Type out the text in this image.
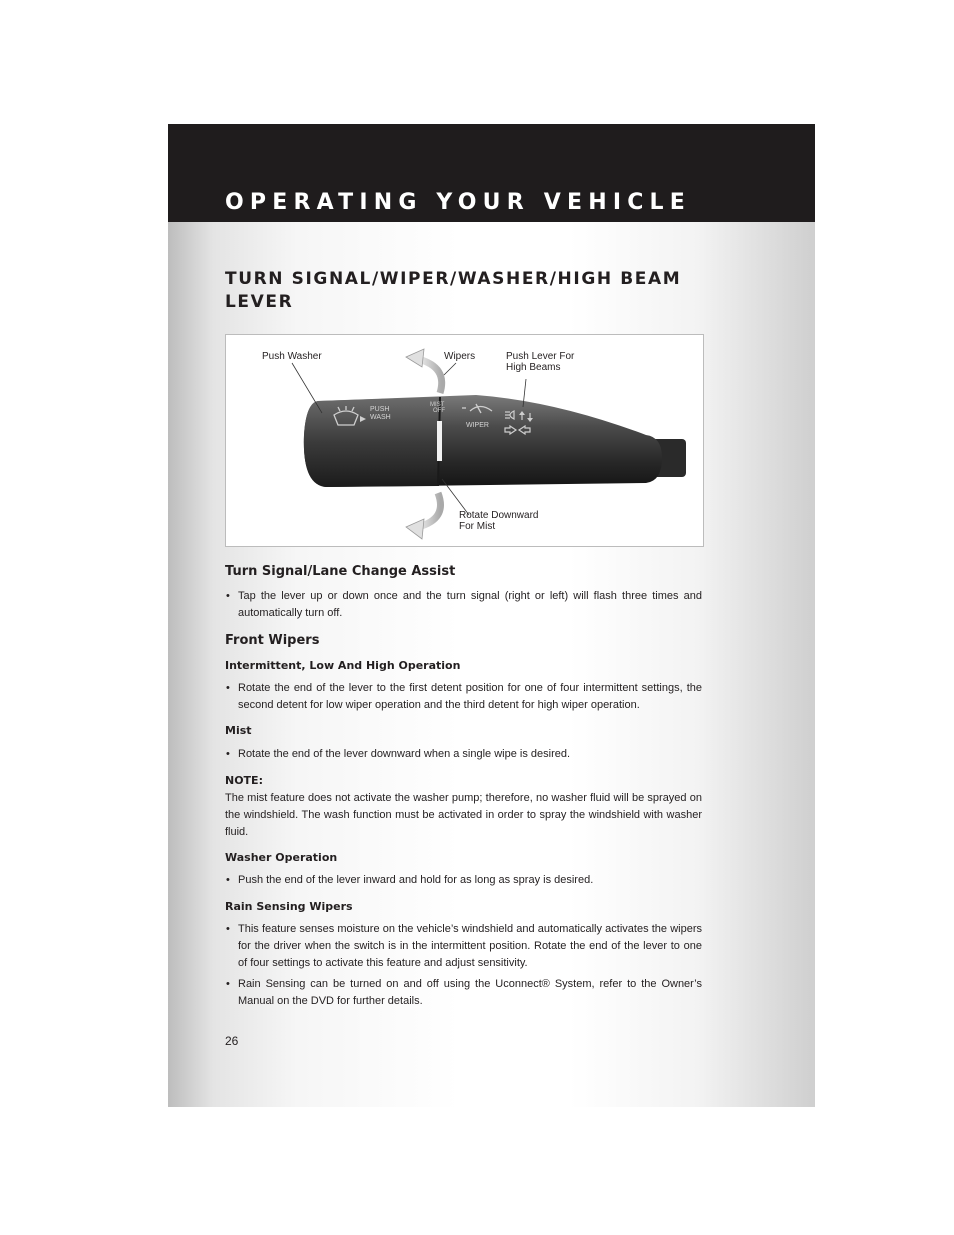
OPERATING YOUR VEHICLE
TURN SIGNAL/WIPER/WASHER/HIGH BEAM LEVER
PUSH
WASH
MIST
OFF
WIPER
Push Washer	Wipers	Push Lever For
High Beams
Rotate Downward
For Mist
Turn Signal/Lane Change Assist
• Tap the lever up or down once and the turn signal (right or left) will flash three times and automatically turn off.
Front Wipers
Intermittent, Low And High Operation
• Rotate the end of the lever to the first detent position for one of four intermittent settings, the second detent for low wiper operation and the third detent for high wiper operation.
Mist
• Rotate the end of the lever downward when a single wipe is desired.
NOTE:
The mist feature does not activate the washer pump; therefore, no washer fluid will be sprayed on the windshield. The wash function must be activated in order to spray the windshield with washer fluid.
Washer Operation
• Push the end of the lever inward and hold for as long as spray is desired.
Rain Sensing Wipers
• This feature senses moisture on the vehicle’s windshield and automatically activates the wipers for the driver when the switch is in the intermittent position. Rotate the end of the lever to one of four settings to activate this feature and adjust sensitivity.
• Rain Sensing can be turned on and off using the Uconnect® System, refer to the Owner’s Manual on the DVD for further details.
26
